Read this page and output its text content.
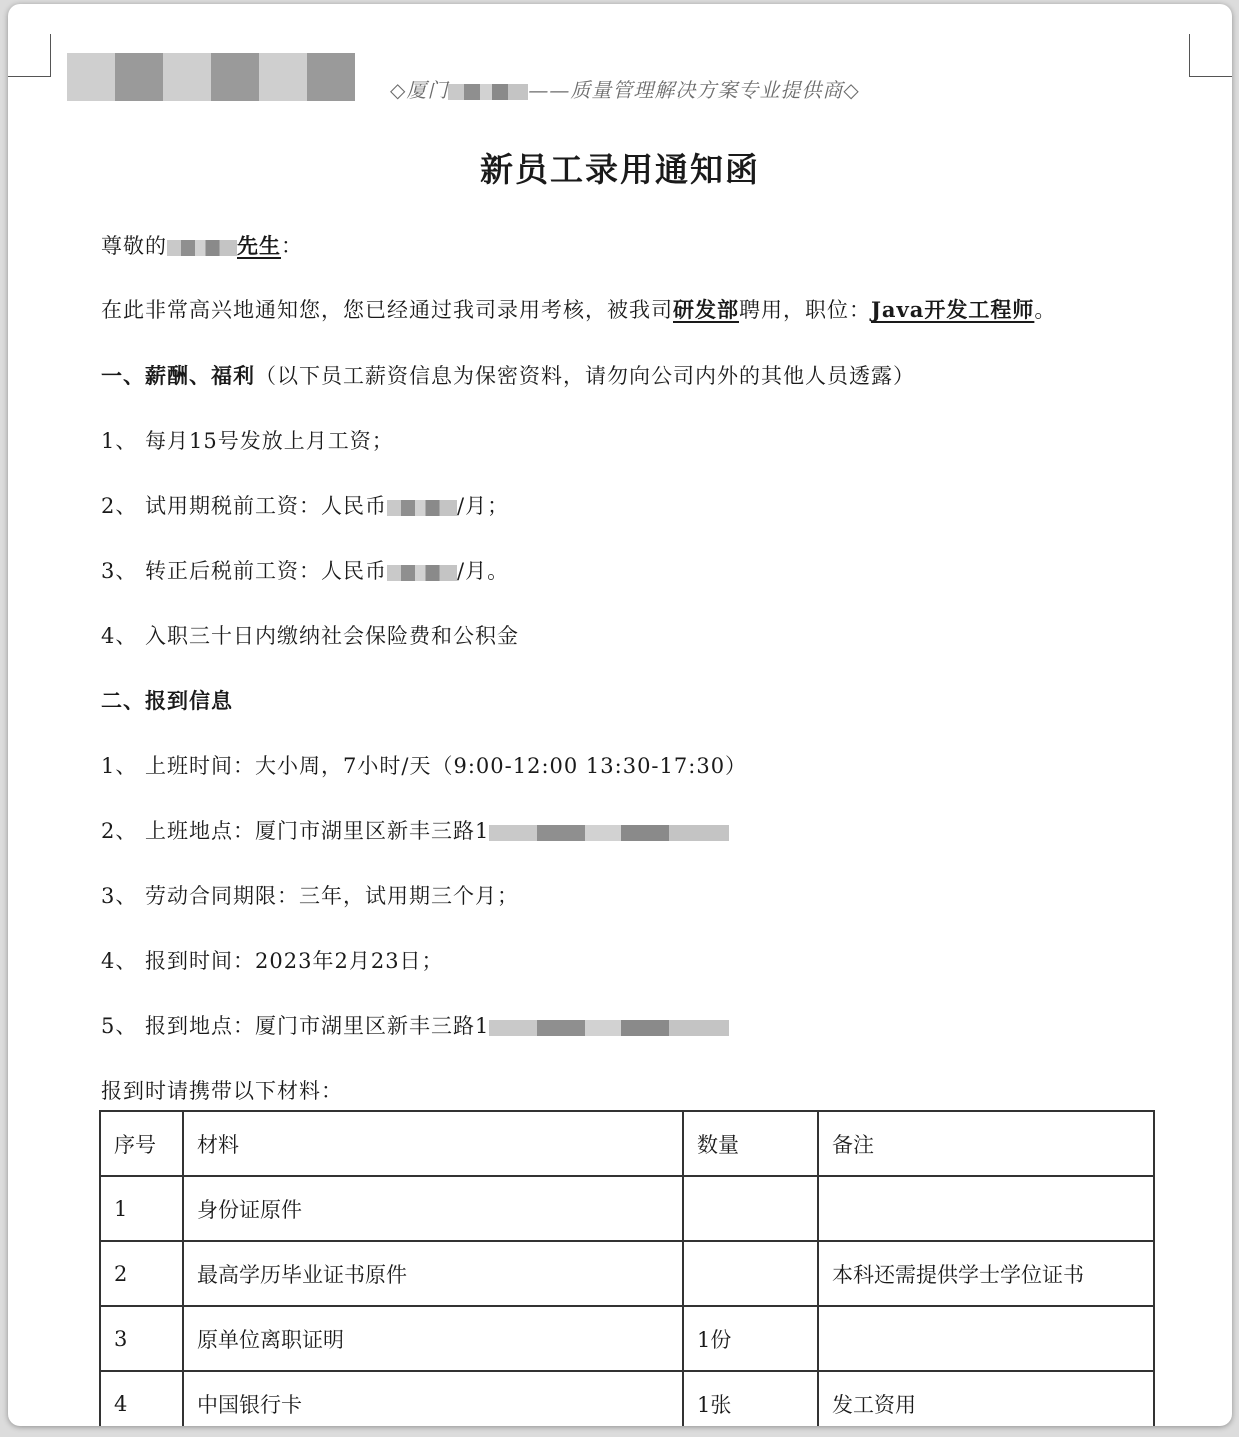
◇厦门	——质量管理解决方案专业提供商◇
新员工录用通知函
尊敬的	先生：
在此非常高兴地通知您，您已经通过我司录用考核，被我司研发部聘用，职位：Java开发工程师。
一、薪酬、福利（以下员工薪资信息为保密资料，请勿向公司内外的其他人员透露）
1、 每月15号发放上月工资；
2、 试用期税前工资：人民币	/月；
3、 转正后税前工资：人民币	/月。
4、 入职三十日内缴纳社会保险费和公积金
二、报到信息
1、 上班时间：大小周，7小时/天（9:00-12:00 13:30-17:30）
2、 上班地点：厦门市湖里区新丰三路1
3、 劳动合同期限：三年，试用期三个月；
4、 报到时间：2023年2月23日；
5、 报到地点：厦门市湖里区新丰三路1
报到时请携带以下材料：
序号	材料	数量	备注
1	身份证原件		
2	最高学历毕业证书原件		本科还需提供学士学位证书
3	原单位离职证明	1份	
4	中国银行卡	1张	发工资用
